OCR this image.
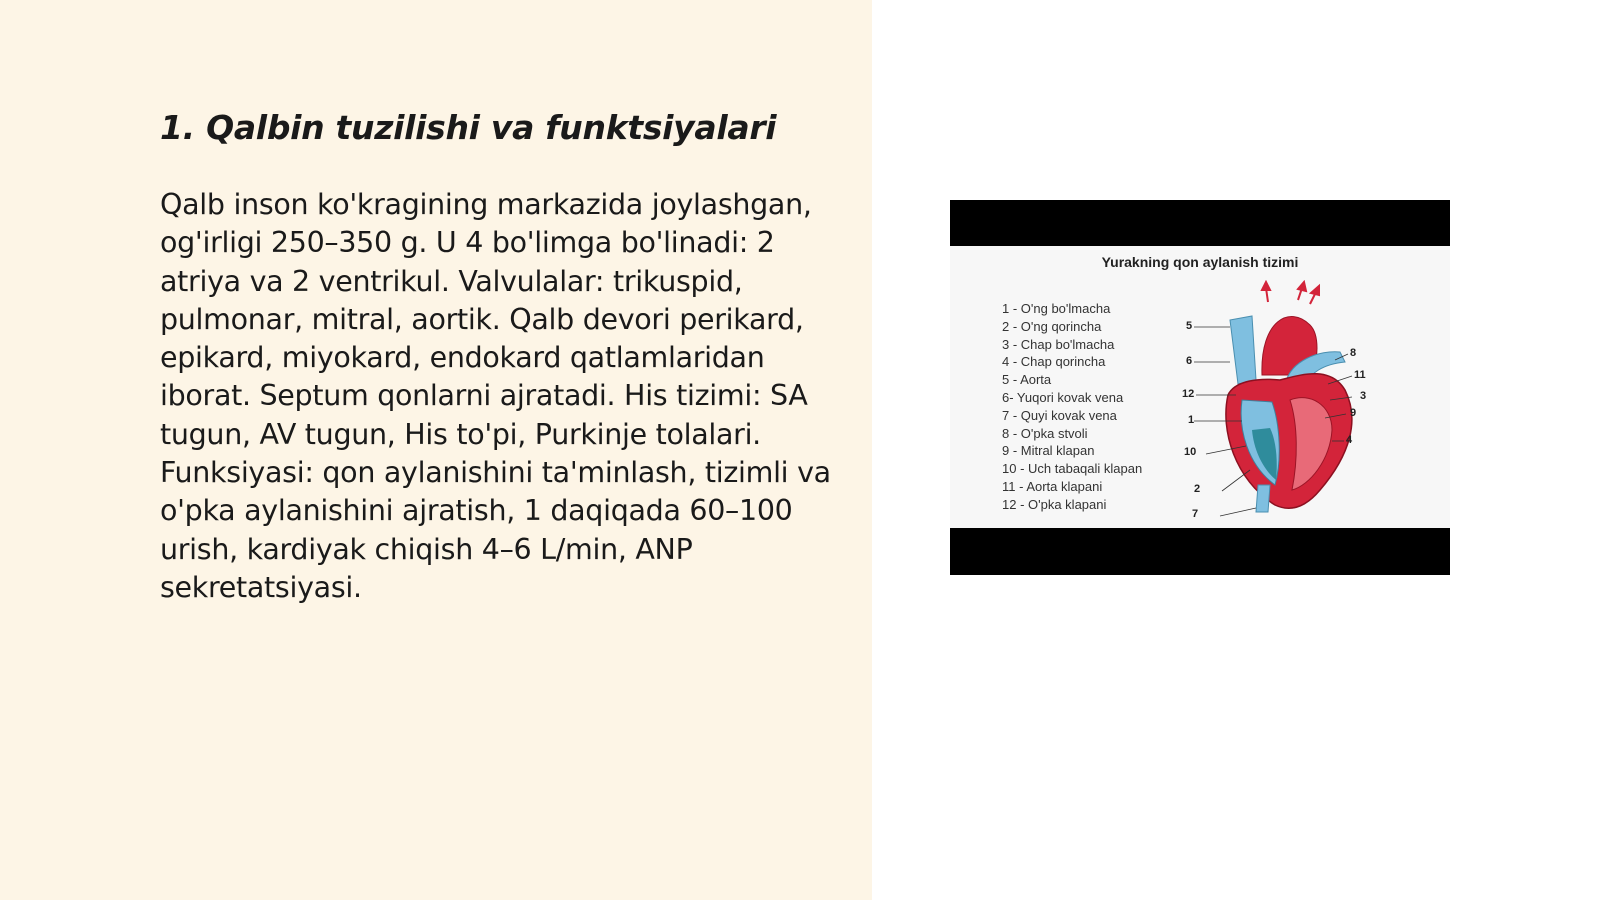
1. Qalbin tuzilishi va funktsiyalari

Qalb inson ko'kragining markazida joylashgan, og'irligi 250–350 g. U 4 bo'limga bo'linadi: 2 atriya va 2 ventrikul. Valvulalar: trikuspid, pulmonar, mitral, aortik. Qalb devori perikard, epikard, miyokard, endokard qatlamlaridan iborat. Septum qonlarni ajratadi. His tizimi: SA tugun, AV tugun, His to'pi, Purkinje tolalari. Funksiyasi: qon aylanishini ta'minlash, tizimli va o'pka aylanishini ajratish, 1 daqiqada 60–100 urish, kardiyak chiqish 4–6 L/min, ANP sekretatsiyasi.

Yurakning qon aylanish tizimi
1 - O'ng bo'lmacha
2 - O'ng qorincha
3 - Chap bo'lmacha
4 - Chap qorincha
5 - Aorta
6- Yuqori kovak vena
7 - Quyi kovak vena
8 - O'pka stvoli
9 - Mitral klapan
10 - Uch tabaqali klapan
11 - Aorta klapani
12 - O'pka klapani
5
6
12
1
10
2
7
8
11
3
9
4
